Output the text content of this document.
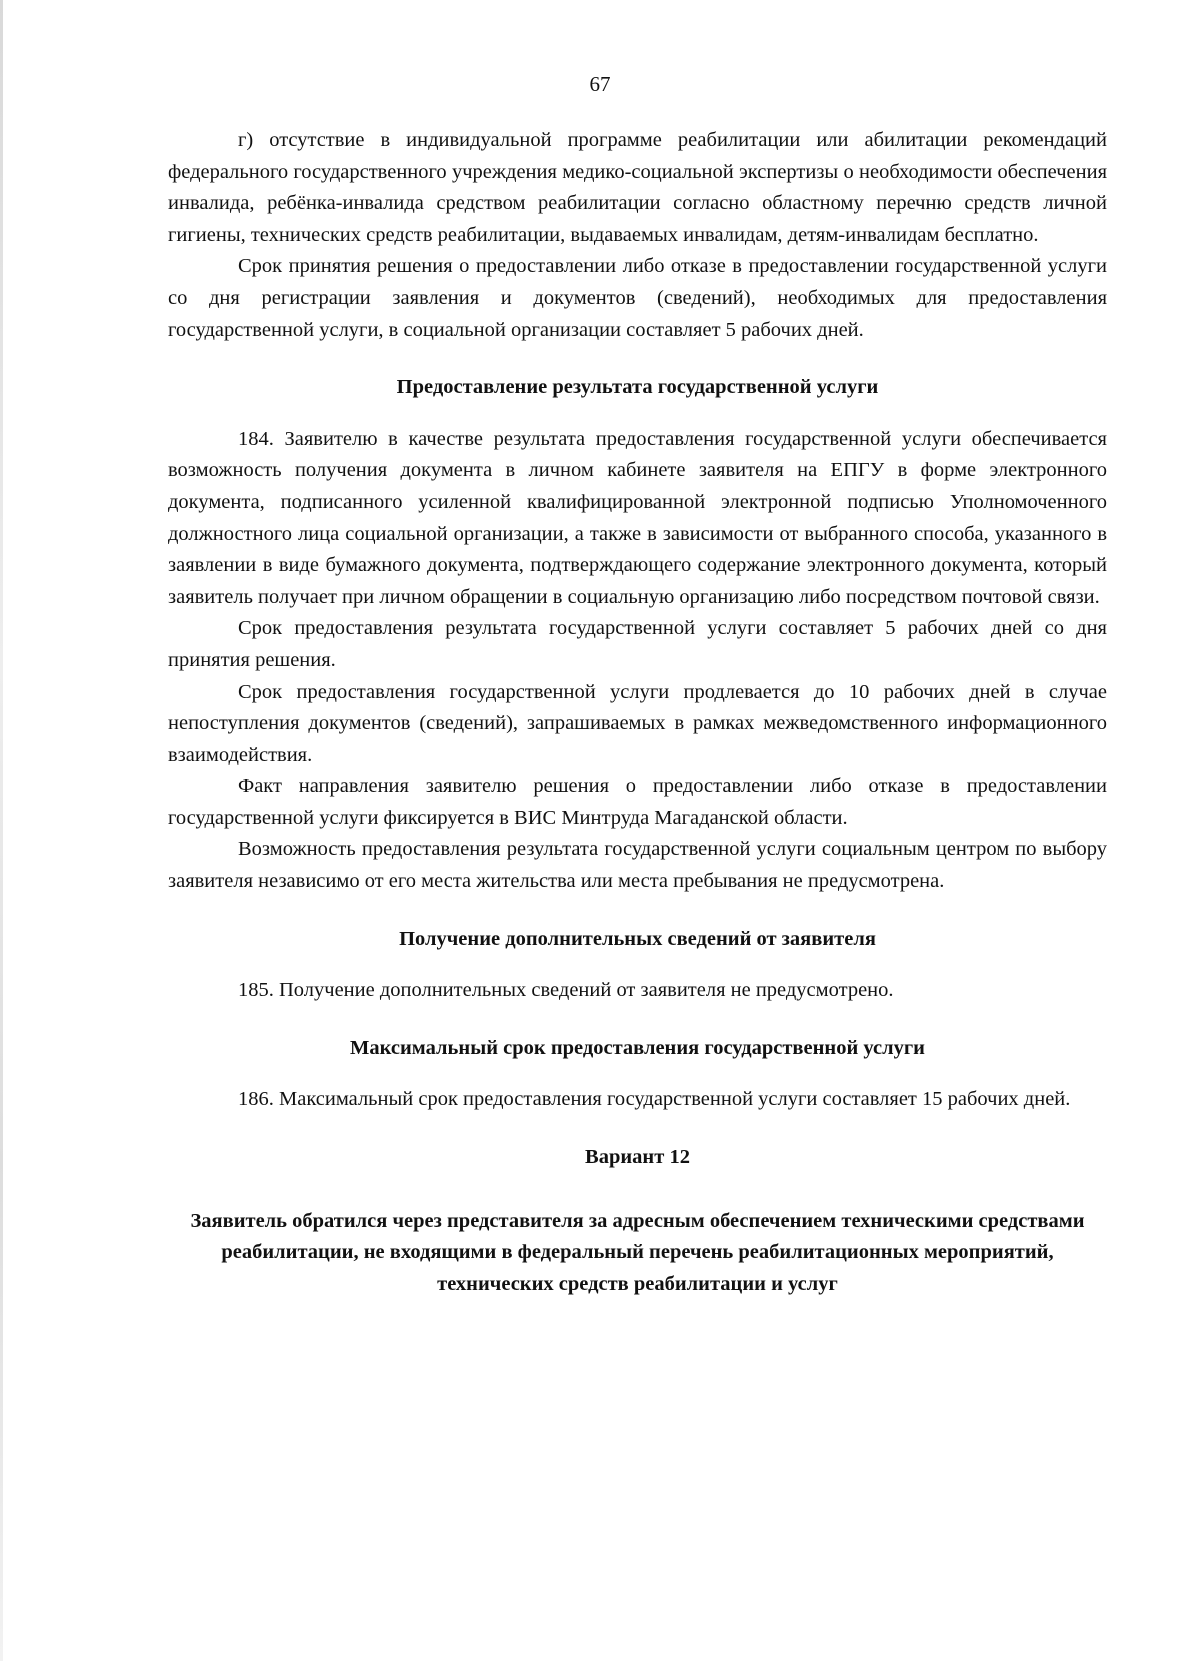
67

г) отсутствие в индивидуальной программе реабилитации или абилитации рекомендаций федерального государственного учреждения медико-социальной экспертизы о необходимости обеспечения инвалида, ребёнка-инвалида средством реабилитации согласно областному перечню средств личной гигиены, технических средств реабилитации, выдаваемых инвалидам, детям-инвалидам бесплатно.

Срок принятия решения о предоставлении либо отказе в предоставлении государственной услуги со дня регистрации заявления и документов (сведений), необходимых для предоставления государственной услуги, в социальной организации составляет 5 рабочих дней.

Предоставление результата государственной услуги

184. Заявителю в качестве результата предоставления государственной услуги обеспечивается возможность получения документа в личном кабинете заявителя на ЕПГУ в форме электронного документа, подписанного усиленной квалифицированной электронной подписью Уполномоченного должностного лица социальной организации, а также в зависимости от выбранного способа, указанного в заявлении в виде бумажного документа, подтверждающего содержание электронного документа, который заявитель получает при личном обращении в социальную организацию либо посредством почтовой связи.

Срок предоставления результата государственной услуги составляет 5 рабочих дней со дня принятия решения.

Срок предоставления государственной услуги продлевается до 10 рабочих дней в случае непоступления документов (сведений), запрашиваемых в рамках межведомственного информационного взаимодействия.

Факт направления заявителю решения о предоставлении либо отказе в предоставлении государственной услуги фиксируется в ВИС Минтруда Магаданской области.

Возможность предоставления результата государственной услуги социальным центром по выбору заявителя независимо от его места жительства или места пребывания не предусмотрена.

Получение дополнительных сведений от заявителя

185. Получение дополнительных сведений от заявителя не предусмотрено.

Максимальный срок предоставления государственной услуги

186. Максимальный срок предоставления государственной услуги составляет 15 рабочих дней.

Вариант 12
Заявитель обратился через представителя за адресным обеспечением техническими средствами реабилитации, не входящими в федеральный перечень реабилитационных мероприятий, технических средств реабилитации и услуг
